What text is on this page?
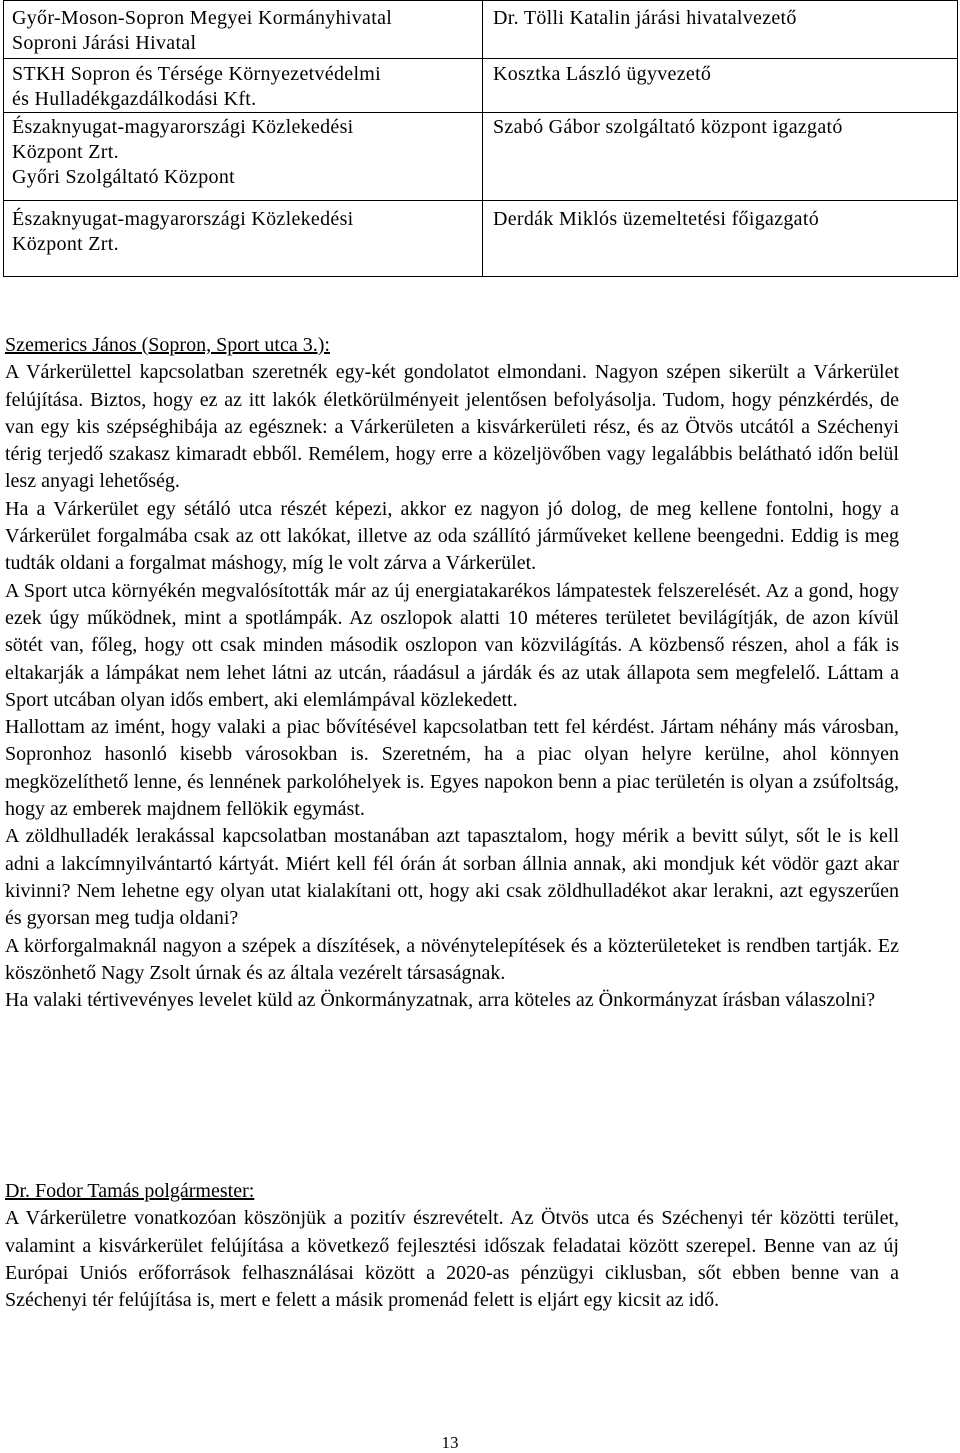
Győr-Moson-Sopron Megyei Kormányhivatal
Soproni Járási Hivatal	Dr. Tölli Katalin járási hivatalvezető

STKH Sopron és Térsége Környezetvédelmi
és Hulladékgazdálkodási Kft.	Kosztka László ügyvezető

Északnyugat-magyarországi Közlekedési
Központ Zrt.
Győri Szolgáltató Központ	Szabó Gábor szolgáltató központ igazgató

Északnyugat-magyarországi Közlekedési
Központ Zrt.	Derdák Miklós üzemeltetési főigazgató
Szemerics János (Sopron, Sport utca 3.):

A Várkerülettel kapcsolatban szeretnék egy-két gondolatot elmondani. Nagyon szépen sikerült a Várkerület felújítása. Biztos, hogy ez az itt lakók életkörülményeit jelentősen befolyásolja. Tudom, hogy pénzkérdés, de van egy kis szépséghibája az egésznek: a Várkerületen a kisvárkerületi rész, és az Ötvös utcától a Széchenyi térig terjedő szakasz kimaradt ebből. Remélem, hogy erre a közeljövőben vagy legalábbis belátható időn belül lesz anyagi lehetőség.

Ha a Várkerület egy sétáló utca részét képezi, akkor ez nagyon jó dolog, de meg kellene fontolni, hogy a Várkerület forgalmába csak az ott lakókat, illetve az oda szállító járműveket kellene beengedni. Eddig is meg tudták oldani a forgalmat máshogy, míg le volt zárva a Várkerület.

A Sport utca környékén megvalósították már az új energiatakarékos lámpatestek felszerelését. Az a gond, hogy ezek úgy működnek, mint a spotlámpák. Az oszlopok alatti 10 méteres területet bevilágítják, de azon kívül sötét van, főleg, hogy ott csak minden második oszlopon van közvilágítás. A közbenső részen, ahol a fák is eltakarják a lámpákat nem lehet látni az utcán, ráadásul a járdák és az utak állapota sem megfelelő. Láttam a Sport utcában olyan idős embert, aki elemlámpával közlekedett.

Hallottam az imént, hogy valaki a piac bővítésével kapcsolatban tett fel kérdést. Jártam néhány más városban, Sopronhoz hasonló kisebb városokban is. Szeretném, ha a piac olyan helyre kerülne, ahol könnyen megközelíthető lenne, és lennének parkolóhelyek is. Egyes napokon benn a piac területén is olyan a zsúfoltság, hogy az emberek majdnem fellökik egymást.

A zöldhulladék lerakással kapcsolatban mostanában azt tapasztalom, hogy mérik a bevitt súlyt, sőt le is kell adni a lakcímnyilvántartó kártyát. Miért kell fél órán át sorban állnia annak, aki mondjuk két vödör gazt akar kivinni? Nem lehetne egy olyan utat kialakítani ott, hogy aki csak zöldhulladékot akar lerakni, azt egyszerűen és gyorsan meg tudja oldani?

A körforgalmaknál nagyon a szépek a díszítések, a növénytelepítések és a közterületeket is rendben tartják. Ez köszönhető Nagy Zsolt úrnak és az általa vezérelt társaságnak.

Ha valaki tértivevényes levelet küld az Önkormányzatnak, arra köteles az Önkormányzat írásban válaszolni?

Dr. Fodor Tamás polgármester:

A Várkerületre vonatkozóan köszönjük a pozitív észrevételt. Az Ötvös utca és Széchenyi tér közötti terület, valamint a kisvárkerület felújítása a következő fejlesztési időszak feladatai között szerepel. Benne van az új Európai Uniós erőforrások felhasználásai között a 2020-as pénzügyi ciklusban, sőt ebben benne van a Széchenyi tér felújítása is, mert e felett a másik promenád felett is eljárt egy kicsit az idő.

13
